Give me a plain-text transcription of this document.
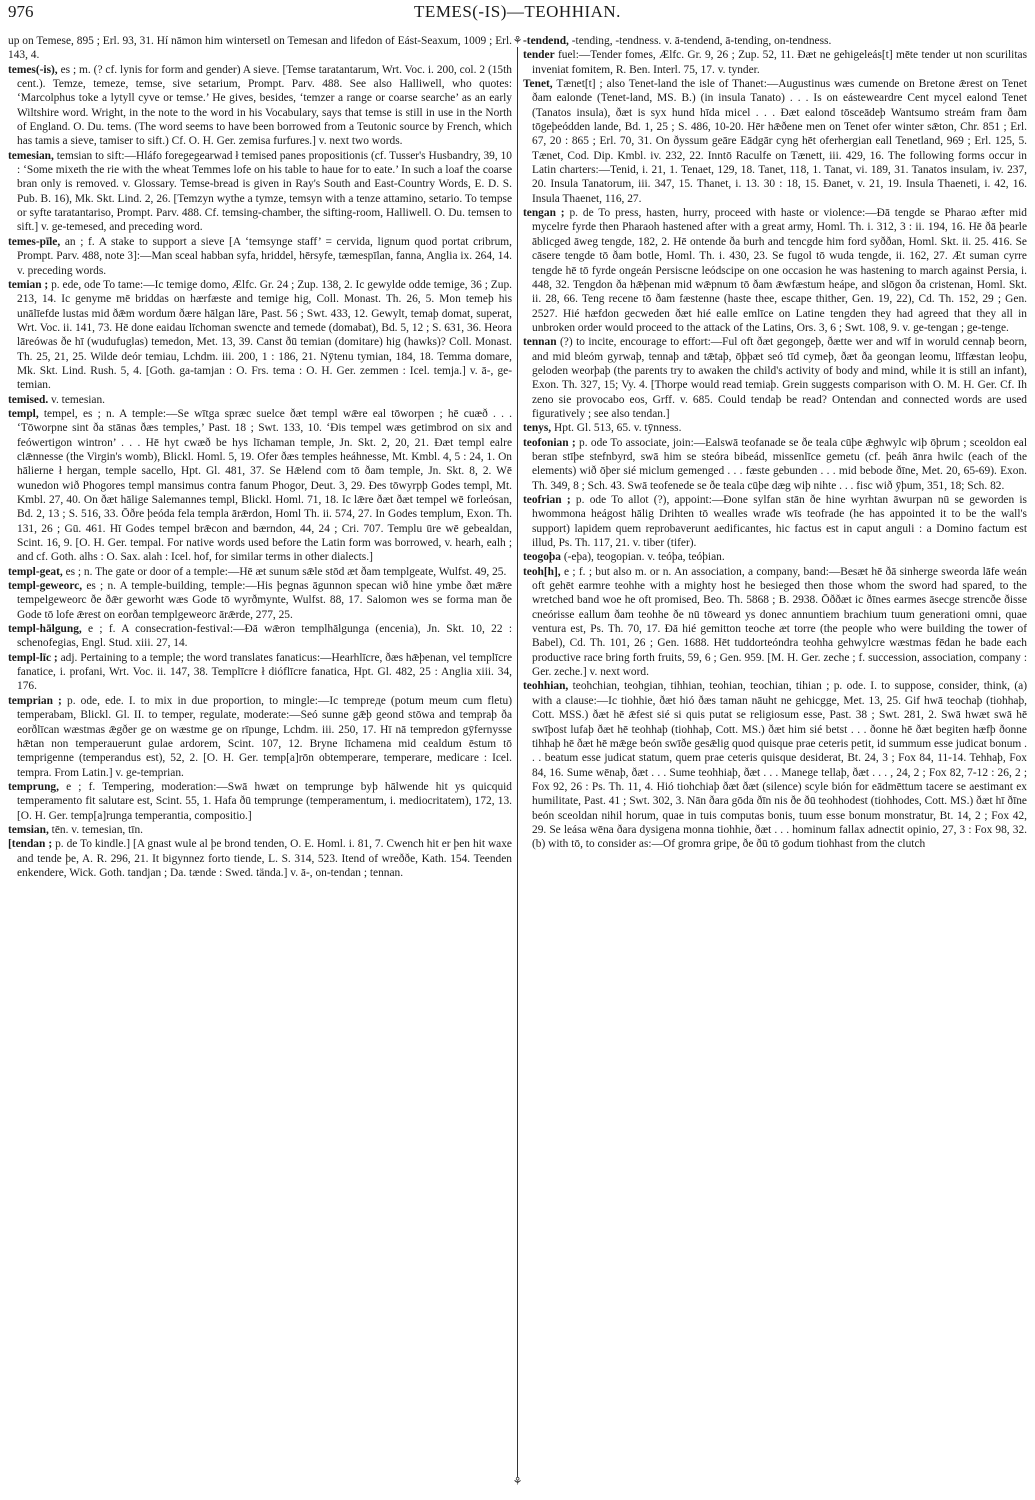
976	TEMES(-IS)—TEOHHIAN.

up on Temese, 895 ; Erl. 93, 31. Hí nāmon him wintersetl on Temesan and lifedon of Eást-Seaxum, 1009 ; Erl. 143, 4.

temes(-is), es ; m. (? cf. lynis for form and gender) A sieve. [Temse taratantarum, Wrt. Voc. i. 200, col. 2 (15th cent.). Temze, temeze, temse, sive setarium, Prompt. Parv. 488. See also Halliwell, who quotes: ‘Marcolphus toke a lytyll cyve or temse.’ He gives, besides, ‘temzer a range or coarse searche’ as an early Wiltshire word. Wright, in the note to the word in his Vocabulary, says that temse is still in use in the North of England. O. Du. tems. (The word seems to have been borrowed from a Teutonic source by French, which has tamis a sieve, tamiser to sift.) Cf. O. H. Ger. zemisa furfures.] v. next two words.

temesian, temsian to sift:—Hláfo foregegearwad ł temised panes propositionis (cf. Tusser's Husbandry, 39, 10 : ‘Some mixeth the rie with the wheat Temmes lofe on his table to haue for to eate.’ In such a loaf the coarse bran only is removed. v. Glossary. Temse-bread is given in Ray's South and East-Country Words, E. D. S. Pub. B. 16), Mk. Skt. Lind. 2, 26. [Temzyn wythe a tymze, temsyn with a tenze attamino, setario. To tempse or syfte taratantariso, Prompt. Parv. 488. Cf. temsing-chamber, the sifting-room, Halliwell. O. Du. temsen to sift.] v. ge-temesed, and preceding word.

temes-pīle, an ; f. A stake to support a sieve [A ‘temsynge staff’ = cervida, lignum quod portat cribrum, Prompt. Parv. 488, note 3]:—Man sceal habban syfa, hriddel, hērsyfe, tæmespīlan, fanna, Anglia ix. 264, 14. v. preceding words.

temian ; p. ede, ode To tame:—Ic temige domo, Ælfc. Gr. 24 ; Zup. 138, 2. Ic gewylde odde temige, 36 ; Zup. 213, 14. Ic genyme mē briddas on hærfæste and temige hig, Coll. Monast. Th. 26, 5. Mon temeþ his unālīefde lustas mid ðǣm wordum ðære hālgan lāre, Past. 56 ; Swt. 433, 12. Gewylt, temaþ domat, superat, Wrt. Voc. ii. 141, 73. Hē done eaidau līchoman swencte and temede (domabat), Bd. 5, 12 ; S. 631, 36. Heora lāreówas ðe hī (wudufuglas) temedon, Met. 13, 39. Canst ðū temian (domitare) hig (hawks)? Coll. Monast. Th. 25, 21, 25. Wilde deór temiau, Lchdm. iii. 200, 1 : 186, 21. Nȳtenu tymian, 184, 18. Temma domare, Mk. Skt. Lind. Rush. 5, 4. [Goth. ga-tamjan : O. Frs. tema : O. H. Ger. zemmen : Icel. temja.] v. ā-, ge-temian.

temised. v. temesian.

templ, tempel, es ; n. A temple:—Se wītga spræc suelce ðæt templ wǣre eal tōworpen ; hē cuæð . . . ‘Tōworpne sint ða stānas ðæs temples,’ Past. 18 ; Swt. 133, 10. ‘Ðis tempel wæs getimbrod on six and feówertigon wintron’ . . . Hē hyt cwæð be hys līchaman temple, Jn. Skt. 2, 20, 21. Ðæt templ ealre clǣnnesse (the Virgin's womb), Blickl. Homl. 5, 19. Ofer ðæs temples heáhnesse, Mt. Kmbl. 4, 5 : 24, 1. On hālierne ł hergan, temple sacello, Hpt. Gl. 481, 37. Se Hǣlend com tō ðam temple, Jn. Skt. 8, 2. Wē wunedon wið Phogores templ mansimus contra fanum Phogor, Deut. 3, 29. Ðes tōwyrpþ Godes templ, Mt. Kmbl. 27, 40. On ðæt hālige Salemannes templ, Blickl. Homl. 71, 18. Ic lǣre ðæt ðæt tempel wē forleósan, Bd. 2, 13 ; S. 516, 33. Ōðre þeóda fela templa ārǣrdon, Homl Th. ii. 574, 27. In Godes templum, Exon. Th. 131, 26 ; Gū. 461. Hī Godes tempel brǣcon and bærndon, 44, 24 ; Cri. 707. Templu ūre wē gebealdan, Scint. 16, 9. [O. H. Ger. tempal. For native words used before the Latin form was borrowed, v. hearh, ealh ; and cf. Goth. alhs : O. Sax. alah : Icel. hof, for similar terms in other dialects.]

templ-geat, es ; n. The gate or door of a temple:—Hē æt sunum sǣle stōd æt ðam templgeate, Wulfst. 49, 25.

templ-geweorc, es ; n. A temple-building, temple:—His þegnas āgunnon specan wið hine ymbe ðæt mǣre tempelgeweorc ðe ðǣr geworht wæs Gode tō wyrðmynte, Wulfst. 88, 17. Salomon wes se forma man ðe Gode tō lofe ǣrest on eorðan templgeweorc ārǣrde, 277, 25.

templ-hālgung, e ; f. A consecration-festival:—Ðā wǣron templhālgunga (encenia), Jn. Skt. 10, 22 : schenofegias, Engl. Stud. xiii. 27, 14.

templ-līc ; adj. Pertaining to a temple; the word translates fanaticus:—Hearhlīcre, ðæs hǣþenan, vel templīcre fanatice, i. profani, Wrt. Voc. ii. 147, 38. Templīcre ł dióflīcre fanatica, Hpt. Gl. 482, 25 : Anglia xiii. 34, 176.

temprian ; p. ode, ede. I. to mix in due proportion, to mingle:—Ic tempreде (potum meum cum fletu) temperabam, Blickl. Gl. II. to temper, regulate, moderate:—Seó sunne gǣþ geond stōwa and tempraþ ða eorðlīcan wæstmas ǣgðer ge on wæstme ge on rīpunge, Lchdm. iii. 250, 17. Hī nā tempredon gȳfernysse hǣtan non temperauerunt gulae ardorem, Scint. 107, 12. Bryne līchamena mid cealdum ēstum tō temprigenne (temperandus est), 52, 2. [O. H. Ger. temp[a]rōn obtemperare, temperare, medicare : Icel. tempra. From Latin.] v. ge-temprian.

temprung, e ; f. Tempering, moderation:—Swā hwæt on temprunge byþ hālwende hit ys quicquid temperamento fit salutare est, Scint. 55, 1. Hafa ðū temprunge (temperamentum, i. mediocritatem), 172, 13. [O. H. Ger. temp[a]runga temperantia, compositio.]

temsian, tēn. v. temesian, tīn.

[tendan ; p. de To kindle.] [A gnast wule al þe brond tenden, O. E. Homl. i. 81, 7. Cwench hit er þen hit waxe and tende þe, A. R. 296, 21. It bigynnez forto tiende, L. S. 314, 523. Itend of wreððe, Kath. 154. Teenden enkendere, Wick. Goth. tandjan ; Da. tænde : Swed. tända.] v. ā-, on-tendan ; tennan.

⚘
⚘

-tendend, -tending, -tendness. v. ā-tendend, ā-tending, on-tendness.

tender fuel:—Tender fomes, Ælfc. Gr. 9, 26 ; Zup. 52, 11. Ðæt ne gehigeleás[t] mēte tender ut non scurilitas inveniat fomitem, R. Ben. Interl. 75, 17. v. tynder.

Tenet, Tænet[t] ; also Tenet-land the isle of Thanet:—Augustinus wæs cumende on Bretone ǣrest on Tenet ðam ealonde (Tenet-land, MS. B.) (in insula Tanato) . . . Is on eásteweardre Cent mycel ealond Tenet (Tanatos insula), ðæt is syx hund hīda micel . . . Ðæt ealond tōsceādeþ Wantsumo streám fram ðam tōgeþeódden lande, Bd. 1, 25 ; S. 486, 10-20. Hēr hǣðene men on Tenet ofer winter sǣton, Chr. 851 ; Erl. 67, 20 : 865 ; Erl. 70, 31. On ðyssum geāre Eādgār cyng hēt oferhergian eall Tenetland, 969 ; Erl. 125, 5. Tænet, Cod. Dip. Kmbl. iv. 232, 22. Inntō Raculfe on Tænett, iii. 429, 16. The following forms occur in Latin charters:—Tenid, i. 21, 1. Tenaet, 129, 18. Tanet, 118, 1. Tanat, vi. 189, 31. Tanatos insulam, iv. 237, 20. Insula Tanatorum, iii. 347, 15. Thanet, i. 13. 30 : 18, 15. Ðanet, v. 21, 19. Insula Thaeneti, i. 42, 16. Insula Thaenet, 116, 27.

tengan ; p. de To press, hasten, hurry, proceed with haste or violence:—Ðā tengde se Pharao æfter mid mycelre fyrde then Pharaoh hastened after with a great army, Homl. Th. i. 312, 3 : ii. 194, 16. Hē ðā þearle āblicged āweg tengde, 182, 2. Hē ontende ða burh and tencgde him ford syððan, Homl. Skt. ii. 25. 416. Se cāsere tengde tō ðam botle, Homl. Th. i. 430, 23. Se fugol tō wuda tengde, ii. 162, 27. Æt suman cyrre tengde hē tō fyrde ongeán Persiscne leódscipe on one occasion he was hastening to march against Persia, i. 448, 32. Tengdon ða hǣþenan mid wǣpnum tō ðam ǣwfæstum heápe, and slōgon ða cristenan, Homl. Skt. ii. 28, 66. Teng recene tō ðam fæstenne (haste thee, escape thither, Gen. 19, 22), Cd. Th. 152, 29 ; Gen. 2527. Hié hæfdon gecweden ðæt hié ealle emlīce on Latine tengden they had agreed that they all in unbroken order would proceed to the attack of the Latins, Ors. 3, 6 ; Swt. 108, 9. v. ge-tengan ; ge-tenge.

tennan (?) to incite, encourage to effort:—Ful oft ðæt gegongeþ, ðætte wer and wīf in woruld cennaþ beorn, and mid bleóm gyrwaþ, tennaþ and tǣtaþ, ōþþæt seó tīd cymeþ, ðæt ða geongan leomu, līffæstan leoþu, geloden weorþaþ (the parents try to awaken the child's activity of body and mind, while it is still an infant), Exon. Th. 327, 15; Vy. 4. [Thorpe would read temiaþ. Grein suggests comparison with O. M. H. Ger. Cf. Ih zeno sie provocabo eos, Grff. v. 685. Could tendaþ be read? Ontendan and connected words are used figuratively ; see also tendan.]

tenys, Hpt. Gl. 513, 65. v. tȳnness.

teofonian ; p. ode To associate, join:—Ealswā teofanade se ðe teala cūþe ǣghwylc wiþ ōþrum ; sceoldon eal beran stīþe stefnbyrd, swā him se steóra bibeád, missenlīce gemetu (cf. þeáh ānra hwilc (each of the elements) wið ōþer sié miclum gemenged . . . fæste gebunden . . . mid bebode ðīne, Met. 20, 65-69). Exon. Th. 349, 8 ; Sch. 43. Swā teofenede se ðe teala cūþe dæg wiþ nihte . . . fisc wið ȳþum, 351, 18; Sch. 82.

teofrian ; p. ode To allot (?), appoint:—Ðone sylfan stān ðe hine wyrhtan āwurpan nū se geworden is hwommona heágost hālig Drihten tō wealles wrađe wīs teofrade (he has appointed it to be the wall's support) lapidem quem reprobaverunt aedificantes, hic factus est in caput anguli : a Domino factum est illud, Ps. Th. 117, 21. v. tiber (tifer).

teogoþa (-eþa), teogopian. v. teóþa, teóþian.

teoh[h], e ; f. ; but also m. or n. An association, a company, band:—Besæt hē ðā sinherge sweorda lāfe weán oft gehēt earmre teohhe with a mighty host he besieged then those whom the sword had spared, to the wretched band woe he oft promised, Beo. Th. 5868 ; B. 2938. Ōððæt ic ðīnes earmes āsecge strencðe ðisse cneórisse eallum ðam teohhe ðe nū tōweard ys donec annuntiem brachium tuum generationi omni, quae ventura est, Ps. Th. 70, 17. Ðā hié gemitton teoche æt torre (the people who were building the tower of Babel), Cd. Th. 101, 26 ; Gen. 1688. Hēt tuddorteóndra teohha gehwylcre wæstmas fēdan he bade each productive race bring forth fruits, 59, 6 ; Gen. 959. [M. H. Ger. zeche ; f. succession, association, company : Ger. zeche.] v. next word.

teohhian, teohchian, teohgian, tihhian, teohian, teochian, tihian ; p. ode. I. to suppose, consider, think, (a) with a clause:—Ic tiohhie, ðæt hió ðæs taman nāuht ne gehicgge, Met. 13, 25. Gif hwā teochaþ (tiohhaþ, Cott. MSS.) ðæt hē ǣfest sié si quis putat se religiosum esse, Past. 38 ; Swt. 281, 2. Swā hwæt swā hē swīþost lufaþ ðæt hē teohhaþ (tiohhaþ, Cott. MS.) ðæt him sié betst . . . ðonne hē ðæt begiten hæfþ ðonne tihhaþ hē ðæt hē mǣge beón swīðe gesǣlig quod quisque prae ceteris petit, id summum esse judicat bonum . . . beatum esse judicat statum, quem prae ceteris quisque desiderat, Bt. 24, 3 ; Fox 84, 11-14. Tehhaþ, Fox 84, 16. Sume wēnaþ, ðæt . . . Sume teohhiaþ, ðæt . . . Manege tellaþ, ðæt . . . , 24, 2 ; Fox 82, 7-12 : 26, 2 ; Fox 92, 26 : Ps. Th. 11, 4. Hió tiohchiaþ ðæt ðæt (silence) scyle bión for eādmēttum tacere se aestimant ex humilitate, Past. 41 ; Swt. 302, 3. Nān ðara gōda ðīn nis ðe ðū teohhodest (tiohhodes, Cott. MS.) ðæt hī ðīne beón sceoldan nihil horum, quae in tuis computas bonis, tuum esse bonum monstratur, Bt. 14, 2 ; Fox 42, 29. Se leása wēna ðara dysigena monna tiohhie, ðæt . . . hominum fallax adnectit opinio, 27, 3 : Fox 98, 32. (b) with tō, to consider as:—Of gromra gripe, ðe ðū tō godum tiohhast from the clutch
